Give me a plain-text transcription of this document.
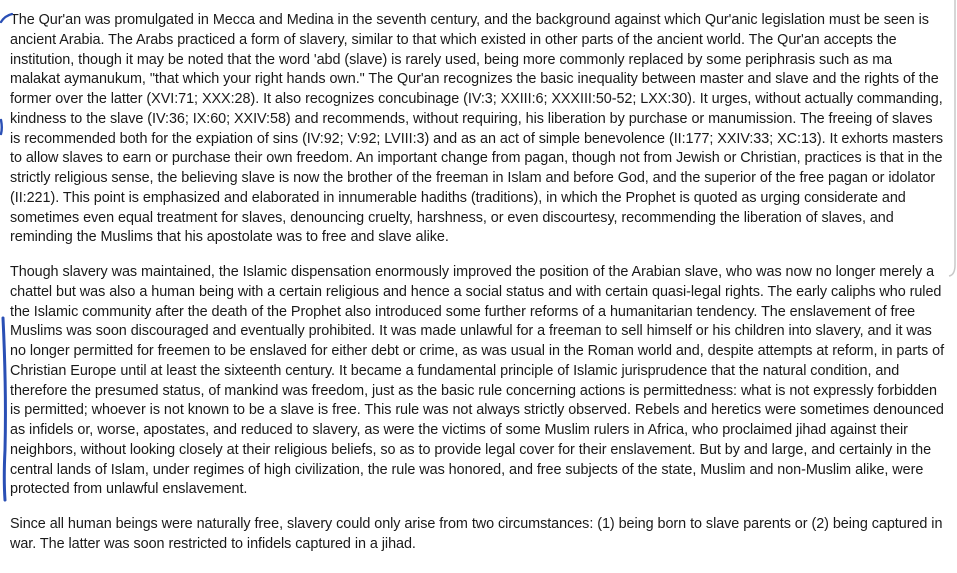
The Qur'an was promulgated in Mecca and Medina in the seventh century, and the background against which Qur'anic legislation must be seen is ancient Arabia. The Arabs practiced a form of slavery, similar to that which existed in other parts of the ancient world. The Qur'an accepts the institution, though it may be noted that the word 'abd (slave) is rarely used, being more commonly replaced by some periphrasis such as ma malakat aymanukum, "that which your right hands own." The Qur'an recognizes the basic inequality between master and slave and the rights of the former over the latter (XVI:71; XXX:28). It also recognizes concubinage (IV:3; XXIII:6; XXXIII:50-52; LXX:30). It urges, without actually commanding, kindness to the slave (IV:36; IX:60; XXIV:58) and recommends, without requiring, his liberation by purchase or manumission. The freeing of slaves is recommended both for the expiation of sins (IV:92; V:92; LVIII:3) and as an act of simple benevolence (II:177; XXIV:33; XC:13). It exhorts masters to allow slaves to earn or purchase their own freedom. An important change from pagan, though not from Jewish or Christian, practices is that in the strictly religious sense, the believing slave is now the brother of the freeman in Islam and before God, and the superior of the free pagan or idolator (II:221). This point is emphasized and elaborated in innumerable hadiths (traditions), in which the Prophet is quoted as urging considerate and sometimes even equal treatment for slaves, denouncing cruelty, harshness, or even discourtesy, recommending the liberation of slaves, and reminding the Muslims that his apostolate was to free and slave alike.

Though slavery was maintained, the Islamic dispensation enormously improved the position of the Arabian slave, who was now no longer merely a chattel but was also a human being with a certain religious and hence a social status and with certain quasi-legal rights. The early caliphs who ruled the Islamic community after the death of the Prophet also introduced some further reforms of a humanitarian tendency. The enslavement of free Muslims was soon discouraged and eventually prohibited. It was made unlawful for a freeman to sell himself or his children into slavery, and it was no longer permitted for freemen to be enslaved for either debt or crime, as was usual in the Roman world and, despite attempts at reform, in parts of Christian Europe until at least the sixteenth century. It became a fundamental principle of Islamic jurisprudence that the natural condition, and therefore the presumed status, of mankind was freedom, just as the basic rule concerning actions is permittedness: what is not expressly forbidden is permitted; whoever is not known to be a slave is free. This rule was not always strictly observed. Rebels and heretics were sometimes denounced as infidels or, worse, apostates, and reduced to slavery, as were the victims of some Muslim rulers in Africa, who proclaimed jihad against their neighbors, without looking closely at their religious beliefs, so as to provide legal cover for their enslavement. But by and large, and certainly in the central lands of Islam, under regimes of high civilization, the rule was honored, and free subjects of the state, Muslim and non-Muslim alike, were protected from unlawful enslavement.

Since all human beings were naturally free, slavery could only arise from two circumstances: (1) being born to slave parents or (2) being captured in war. The latter was soon restricted to infidels captured in a jihad.
